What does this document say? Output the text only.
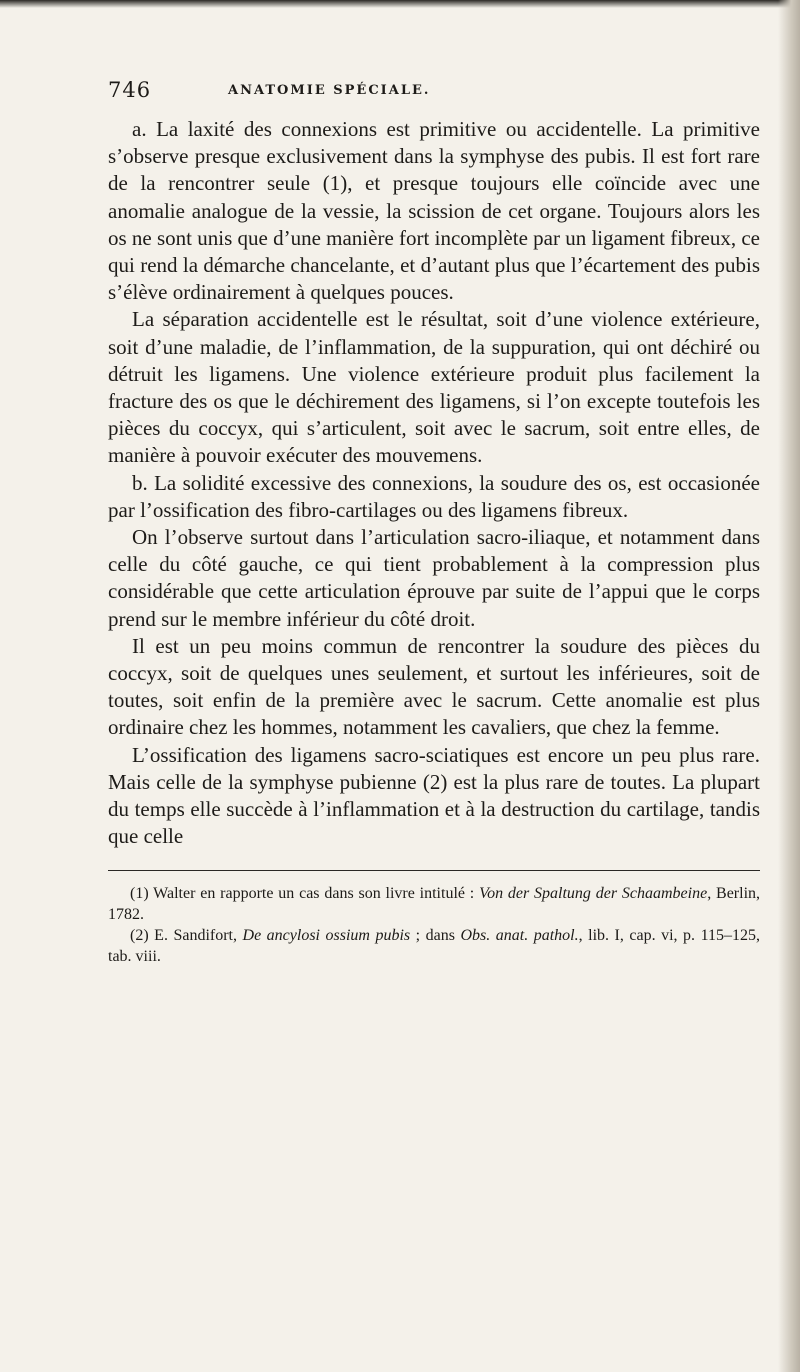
746	ANATOMIE SPÉCIALE.

a. La laxité des connexions est primitive ou accidentelle. La primitive s’observe presque exclusivement dans la symphyse des pubis. Il est fort rare de la rencontrer seule (1), et presque toujours elle coïncide avec une anomalie analogue de la vessie, la scission de cet organe. Toujours alors les os ne sont unis que d’une manière fort incomplète par un ligament fibreux, ce qui rend la démarche chancelante, et d’autant plus que l’écartement des pubis s’élève ordinairement à quelques pouces.

La séparation accidentelle est le résultat, soit d’une violence extérieure, soit d’une maladie, de l’inflammation, de la suppuration, qui ont déchiré ou détruit les ligamens. Une violence extérieure produit plus facilement la fracture des os que le déchirement des ligamens, si l’on excepte toutefois les pièces du coccyx, qui s’articulent, soit avec le sacrum, soit entre elles, de manière à pouvoir exécuter des mouvemens.

b. La solidité excessive des connexions, la soudure des os, est occasionée par l’ossification des fibro-cartilages ou des ligamens fibreux.

On l’observe surtout dans l’articulation sacro-iliaque, et notamment dans celle du côté gauche, ce qui tient probablement à la compression plus considérable que cette articulation éprouve par suite de l’appui que le corps prend sur le membre inférieur du côté droit.

Il est un peu moins commun de rencontrer la soudure des pièces du coccyx, soit de quelques unes seulement, et surtout les inférieures, soit de toutes, soit enfin de la première avec le sacrum. Cette anomalie est plus ordinaire chez les hommes, notamment les cavaliers, que chez la femme.

L’ossification des ligamens sacro-sciatiques est encore un peu plus rare. Mais celle de la symphyse pubienne (2) est la plus rare de toutes. La plupart du temps elle succède à l’inflammation et à la destruction du cartilage, tandis que celle

(1) Walter en rapporte un cas dans son livre intitulé : Von der Spaltung der Schaambeine, Berlin, 1782.

(2) E. Sandifort, De ancylosi ossium pubis ; dans Obs. anat. pathol., lib. I, cap. vi, p. 115–125, tab. viii.
